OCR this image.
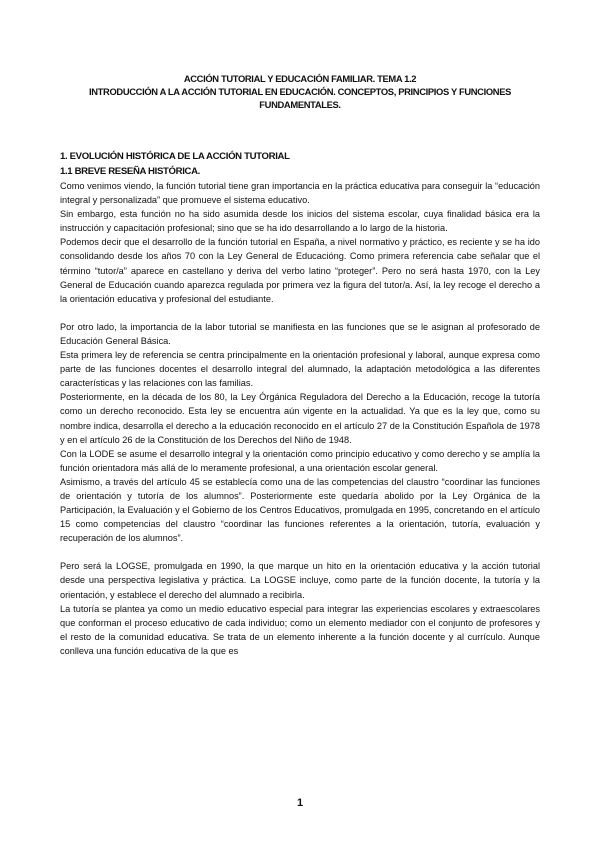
ACCIÓN TUTORIAL Y EDUCACIÓN FAMILIAR. TEMA 1.2
INTRODUCCIÓN A LA ACCIÓN TUTORIAL EN EDUCACIÓN. CONCEPTOS, PRINCIPIOS Y FUNCIONES FUNDAMENTALES.
1. EVOLUCIÓN HISTÓRICA DE LA ACCIÓN TUTORIAL
1.1 BREVE RESEÑA HISTÓRICA.

Como venimos viendo, la función tutorial tiene gran importancia en la práctica educativa para conseguir la “educación integral y personalizada” que promueve el sistema educativo.

Sin embargo, esta función no ha sido asumida desde los inicios del sistema escolar, cuya finalidad básica era la instrucción y capacitación profesional; sino que se ha ido desarrollando a lo largo de la historia.

Podemos decir que el desarrollo de la función tutorial en España, a nivel normativo y práctico, es reciente y se ha ido consolidando desde los años 70 con la Ley General de Educacióng. Como primera referencia cabe señalar que el término “tutor/a” aparece en castellano y deriva del verbo latino “proteger”. Pero no será hasta 1970, con la Ley General de Educación cuando aparezca regulada por primera vez la figura del tutor/a. Así, la ley recoge el derecho a la orientación educativa y profesional del estudiante.

Por otro lado, la importancia de la labor tutorial se manifiesta en las funciones que se le asignan al profesorado de Educación General Básica.

Esta primera ley de referencia se centra principalmente en la orientación profesional y laboral, aunque expresa como parte de las funciones docentes el desarrollo integral del alumnado, la adaptación metodológica a las diferentes características y las relaciones con las familias.

Posteriormente, en la década de los 80, la Ley Órgánica Reguladora del Derecho a la Educación, recoge la tutoría como un derecho reconocido. Esta ley se encuentra aún vigente en la actualidad. Ya que es la ley que, como su nombre indica, desarrolla el derecho a la educación reconocido en el artículo 27 de la Constitución Española de 1978 y en el artículo 26 de la Constitución de los Derechos del Niño de 1948.

Con la LODE se asume el desarrollo integral y la orientación como principio educativo y como derecho y se amplía la función orientadora más allá de lo meramente profesional, a una orientación escolar general.

Asimismo, a través del artículo 45 se establecía como una de las competencias del claustro “coordinar las funciones de orientación y tutoría de los alumnos”. Posteriormente este quedaría abolido por la Ley Orgánica de la Participación, la Evaluación y el Gobierno de los Centros Educativos, promulgada en 1995, concretando en el artículo 15 como competencias del claustro “coordinar las funciones referentes a la orientación, tutoría, evaluación y recuperación de los alumnos”.

Pero será la LOGSE, promulgada en 1990, la que marque un hito en la orientación educativa y la acción tutorial desde una perspectiva legislativa y práctica. La LOGSE incluye, como parte de la función docente, la tutoría y la orientación, y establece el derecho del alumnado a recibirla.

La tutoría se plantea ya como un medio educativo especial para integrar las experiencias escolares y extraescolares que conforman el proceso educativo de cada individuo; como un elemento mediador con el conjunto de profesores y el resto de la comunidad educativa. Se trata de un elemento inherente a la función docente y al currículo. Aunque conlleva una función educativa de la que es

1
